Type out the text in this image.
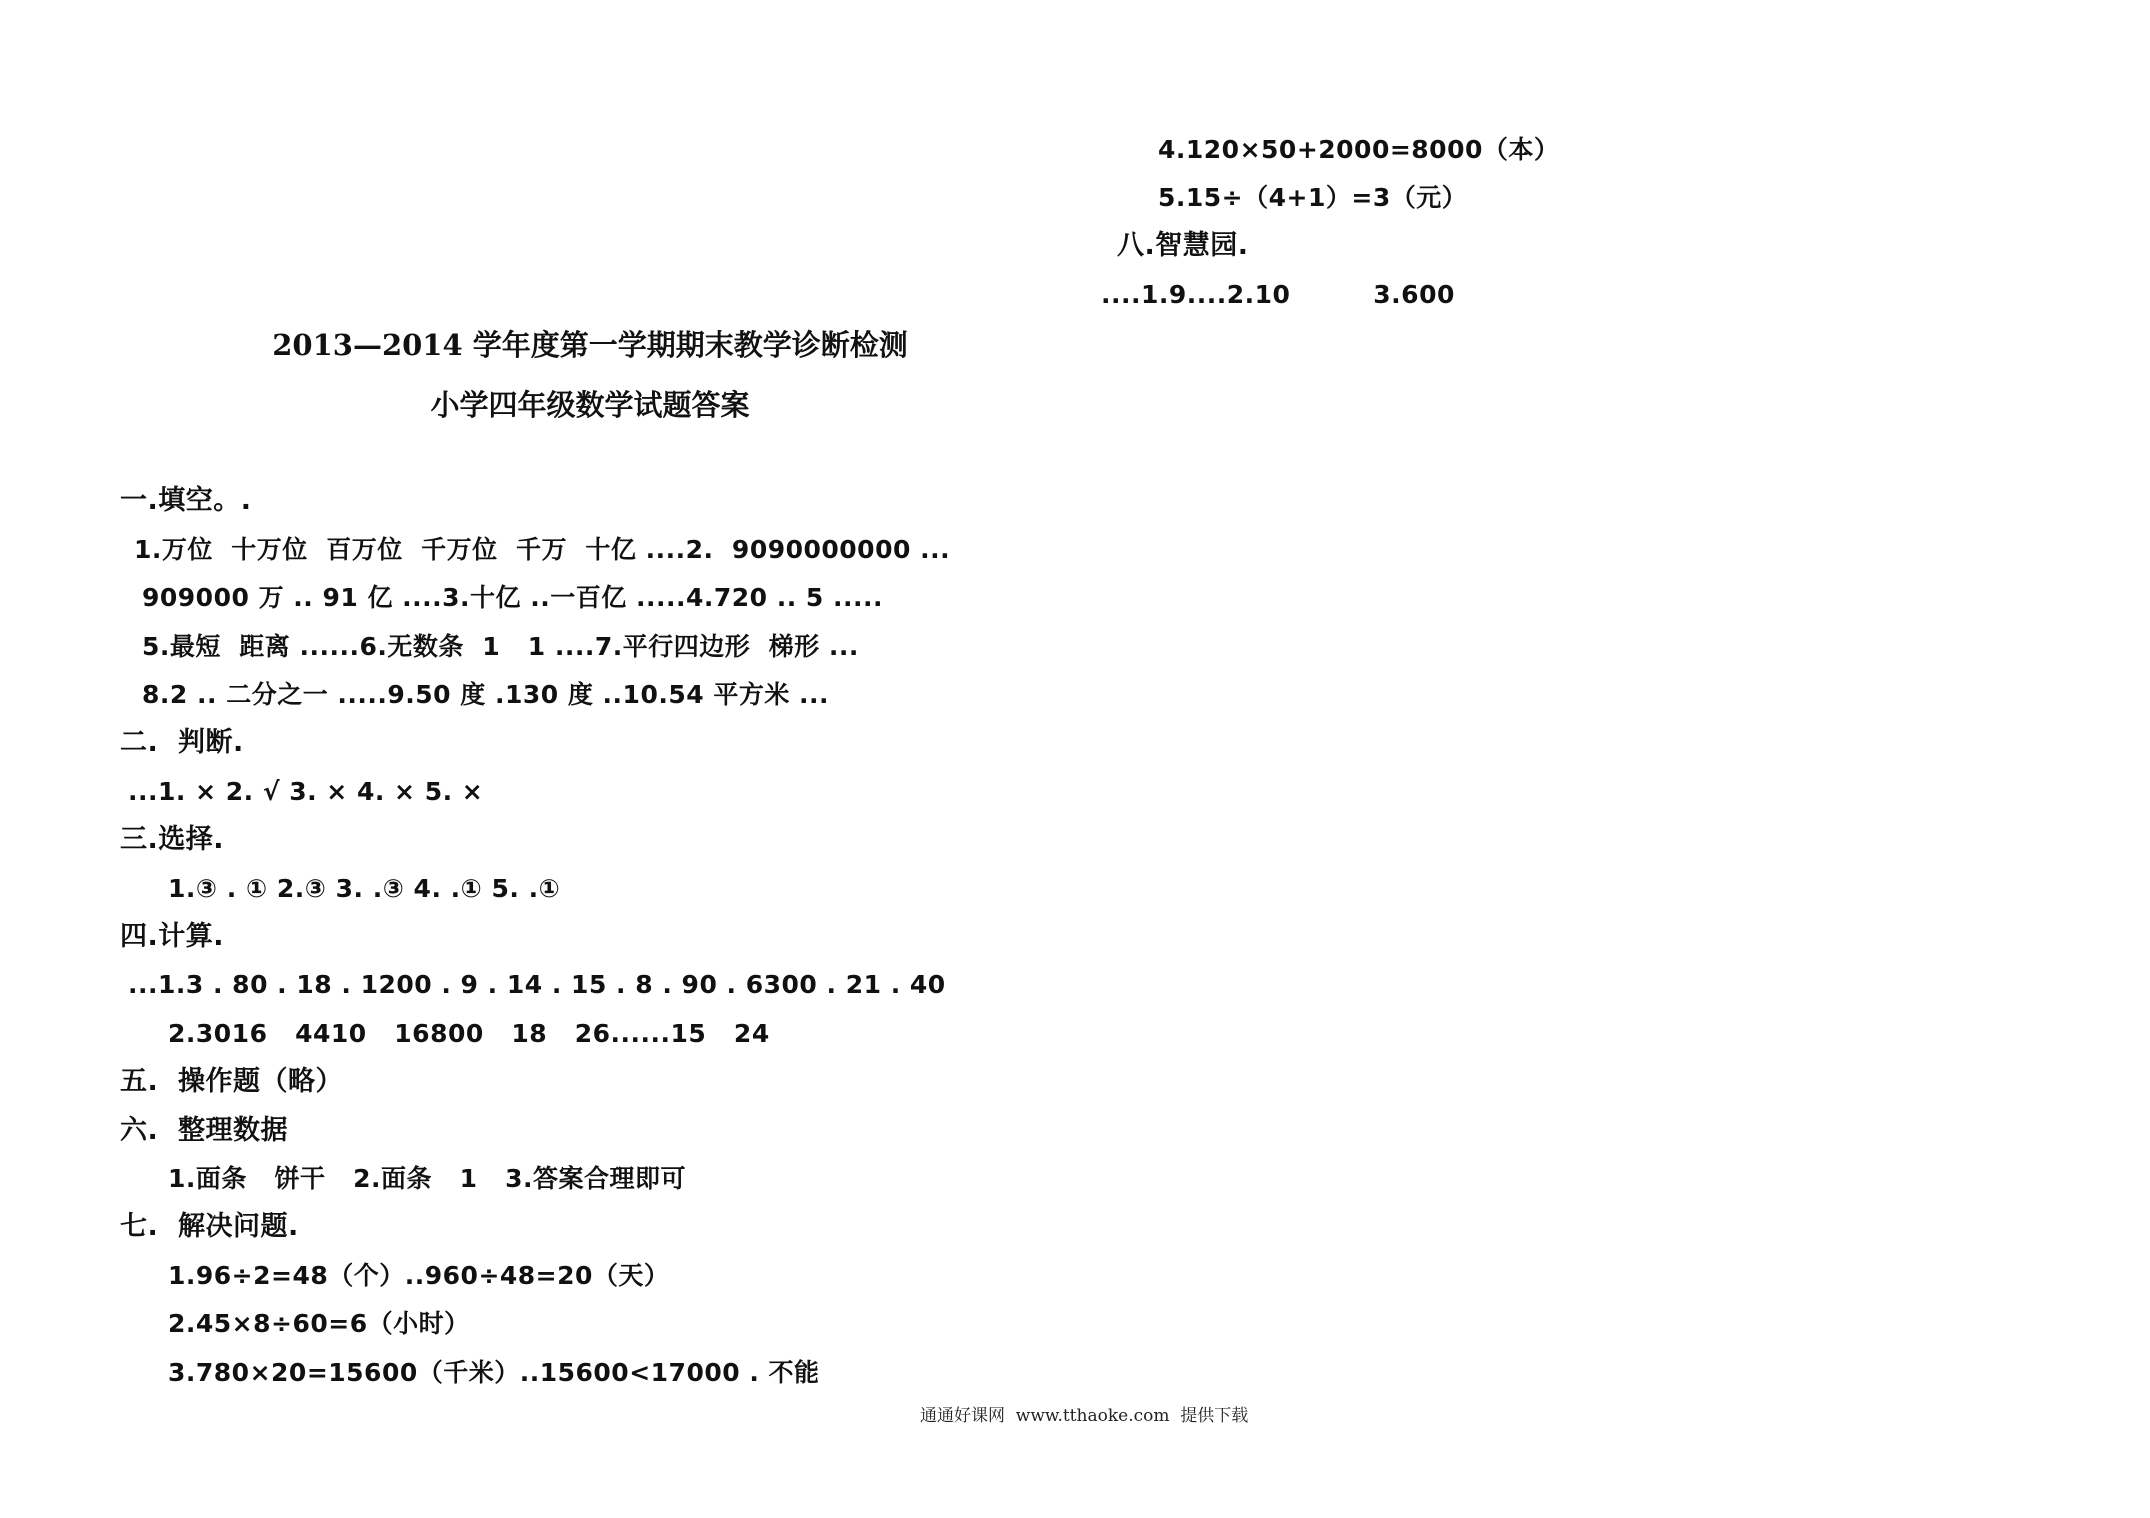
4.120×50+2000=8000（本）
5.15÷（4+1）=3（元）
八.智慧园.
....1.9....2.10         3.600
2013—2014 学年度第一学期期末教学诊断检测
小学四年级数学试题答案
一.填空。.
1.万位  十万位  百万位  千万位  千万  十亿 ....2.  9090000000 ...
909000 万 .. 91 亿 ....3.十亿 ..一百亿 .....4.720 .. 5 .....
5.最短  距离 ......6.无数条  1   1 ....7.平行四边形  梯形 ...
8.2 .. 二分之一 .....9.50 度 .130 度 ..10.54 平方米 ...
二.  判断.
...1. × 2. √ 3. × 4. × 5. ×
三.选择.
1.③ . ① 2.③ 3. .③ 4. .① 5. .①
四.计算.
...1.3 . 80 . 18 . 1200 . 9 . 14 . 15 . 8 . 90 . 6300 . 21 . 40
2.3016   4410   16800   18   26......15   24
五.  操作题（略）
六.  整理数据
1.面条   饼干   2.面条   1   3.答案合理即可
七.  解决问题.
1.96÷2=48（个）..960÷48=20（天）
2.45×8÷60=6（小时）
3.780×20=15600（千米）..15600<17000 . 不能
通通好课网  www.tthaoke.com  提供下载
